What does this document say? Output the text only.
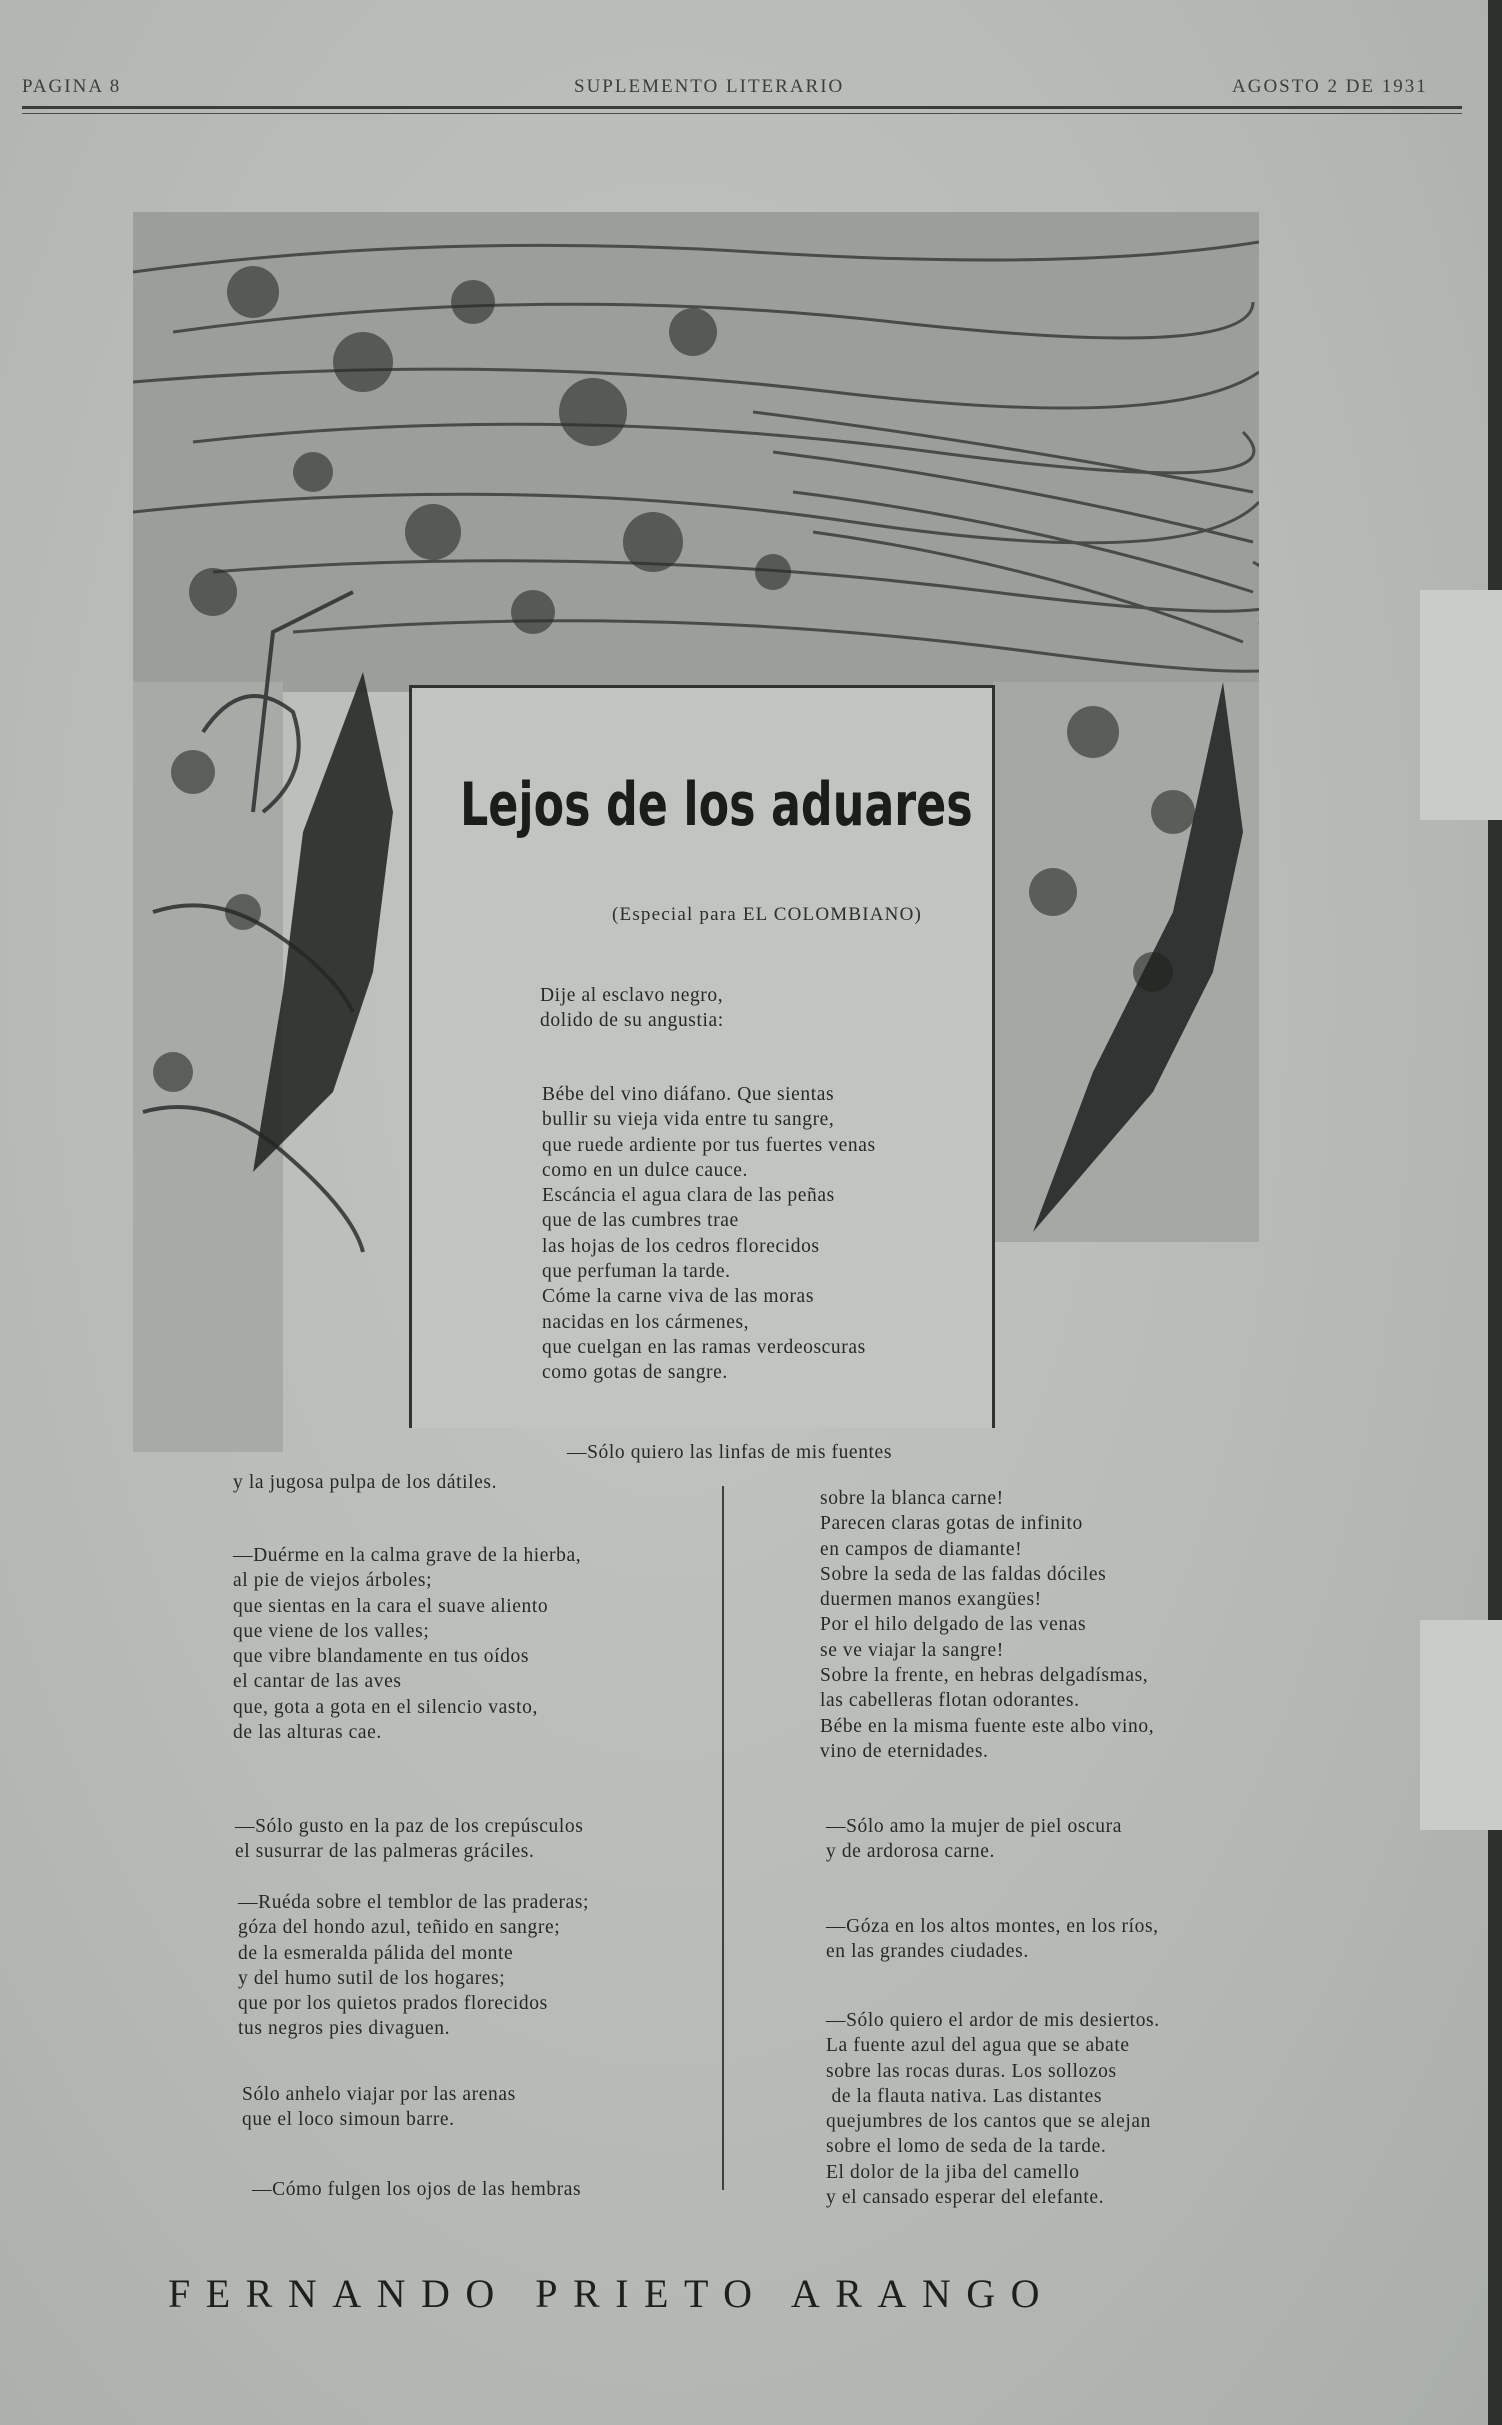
PAGINA 8	SUPLEMENTO LITERARIO	AGOSTO 2 DE 1931
Lejos de los aduares
(Especial para EL COLOMBIANO)
Dije al esclavo negro,
dolido de su angustia:
Bébe del vino diáfano. Que sientas
bullir su vieja vida entre tu sangre,
que ruede ardiente por tus fuertes venas
como en un dulce cauce.
Escáncia el agua clara de las peñas
que de las cumbres trae
las hojas de los cedros florecidos
que perfuman la tarde.
Cóme la carne viva de las moras
nacidas en los cármenes,
que cuelgan en las ramas verdeoscuras
como gotas de sangre.
—Sólo quiero las linfas de mis fuentes
y la jugosa pulpa de los dátiles.
—Duérme en la calma grave de la hierba,
al pie de viejos árboles;
que sientas en la cara el suave aliento
que viene de los valles;
que vibre blandamente en tus oídos
el cantar de las aves
que, gota a gota en el silencio vasto,
de las alturas cae.
—Sólo gusto en la paz de los crepúsculos
el susurrar de las palmeras gráciles.
—Ruéda sobre el temblor de las praderas;
góza del hondo azul, teñido en sangre;
de la esmeralda pálida del monte
y del humo sutil de los hogares;
que por los quietos prados florecidos
tus negros pies divaguen.
Sólo anhelo viajar por las arenas
que el loco simoun barre.
—Cómo fulgen los ojos de las hembras
sobre la blanca carne!
Parecen claras gotas de infinito
en campos de diamante!
Sobre la seda de las faldas dóciles
duermen manos exangües!
Por el hilo delgado de las venas
se ve viajar la sangre!
Sobre la frente, en hebras delgadísmas,
las cabelleras flotan odorantes.
Bébe en la misma fuente este albo vino,
vino de eternidades.
—Sólo amo la mujer de piel oscura
y de ardorosa carne.
—Góza en los altos montes, en los ríos,
en las grandes ciudades.
—Sólo quiero el ardor de mis desiertos.
La fuente azul del agua que se abate
sobre las rocas duras. Los sollozos
de la flauta nativa. Las distantes
quejumbres de los cantos que se alejan
sobre el lomo de seda de la tarde.
El dolor de la jiba del camello
y el cansado esperar del elefante.
FERNANDO PRIETO ARANGO
